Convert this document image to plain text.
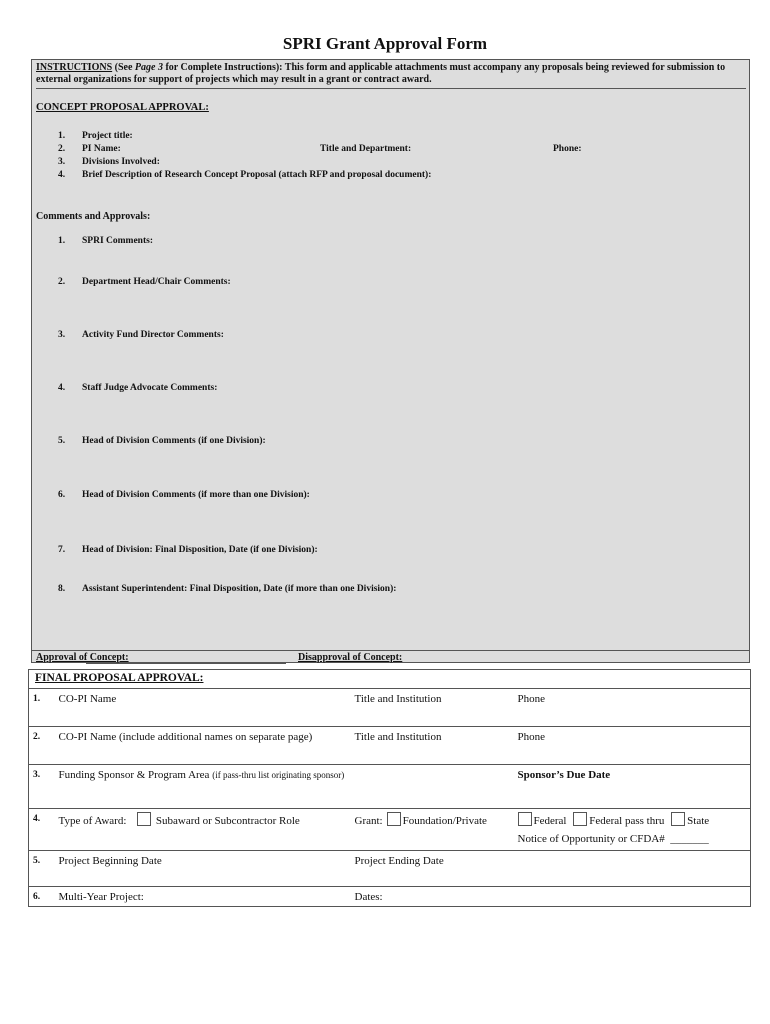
SPRI Grant Approval Form
INSTRUCTIONS (See Page 3 for Complete Instructions): This form and applicable attachments must accompany any proposals being reviewed for submission to external organizations for support of projects which may result in a grant or contract award.
CONCEPT PROPOSAL APPROVAL:
1. Project title:
2. PI Name:	Title and Department:	Phone:
3. Divisions Involved:
4. Brief Description of Research Concept Proposal (attach RFP and proposal document):
Comments and Approvals:
1. SPRI Comments:
2. Department Head/Chair Comments:
3. Activity Fund Director Comments:
4. Staff Judge Advocate Comments:
5. Head of Division Comments (if one Division):
6. Head of Division Comments (if more than one Division):
7. Head of Division: Final Disposition, Date (if one Division):
8. Assistant Superintendent: Final Disposition, Date (if more than one Division):
Approval of Concept:	Disapproval of Concept:
FINAL PROPOSAL APPROVAL:			
1.	CO-PI Name	Title and Institution	Phone
2.	CO-PI Name (include additional names on separate page)	Title and Institution	Phone
3.	Funding Sponsor & Program Area (if pass-thru list originating sponsor)		Sponsor’s Due Date
4.	Type of Award: Subaward or Subcontractor Role	Grant: Foundation/Private	Federal Federal pass thru State
Notice of Opportunity or CFDA# _______

5.	Project Beginning Date	Project Ending Date	
6.	Multi-Year Project:	Dates:	
